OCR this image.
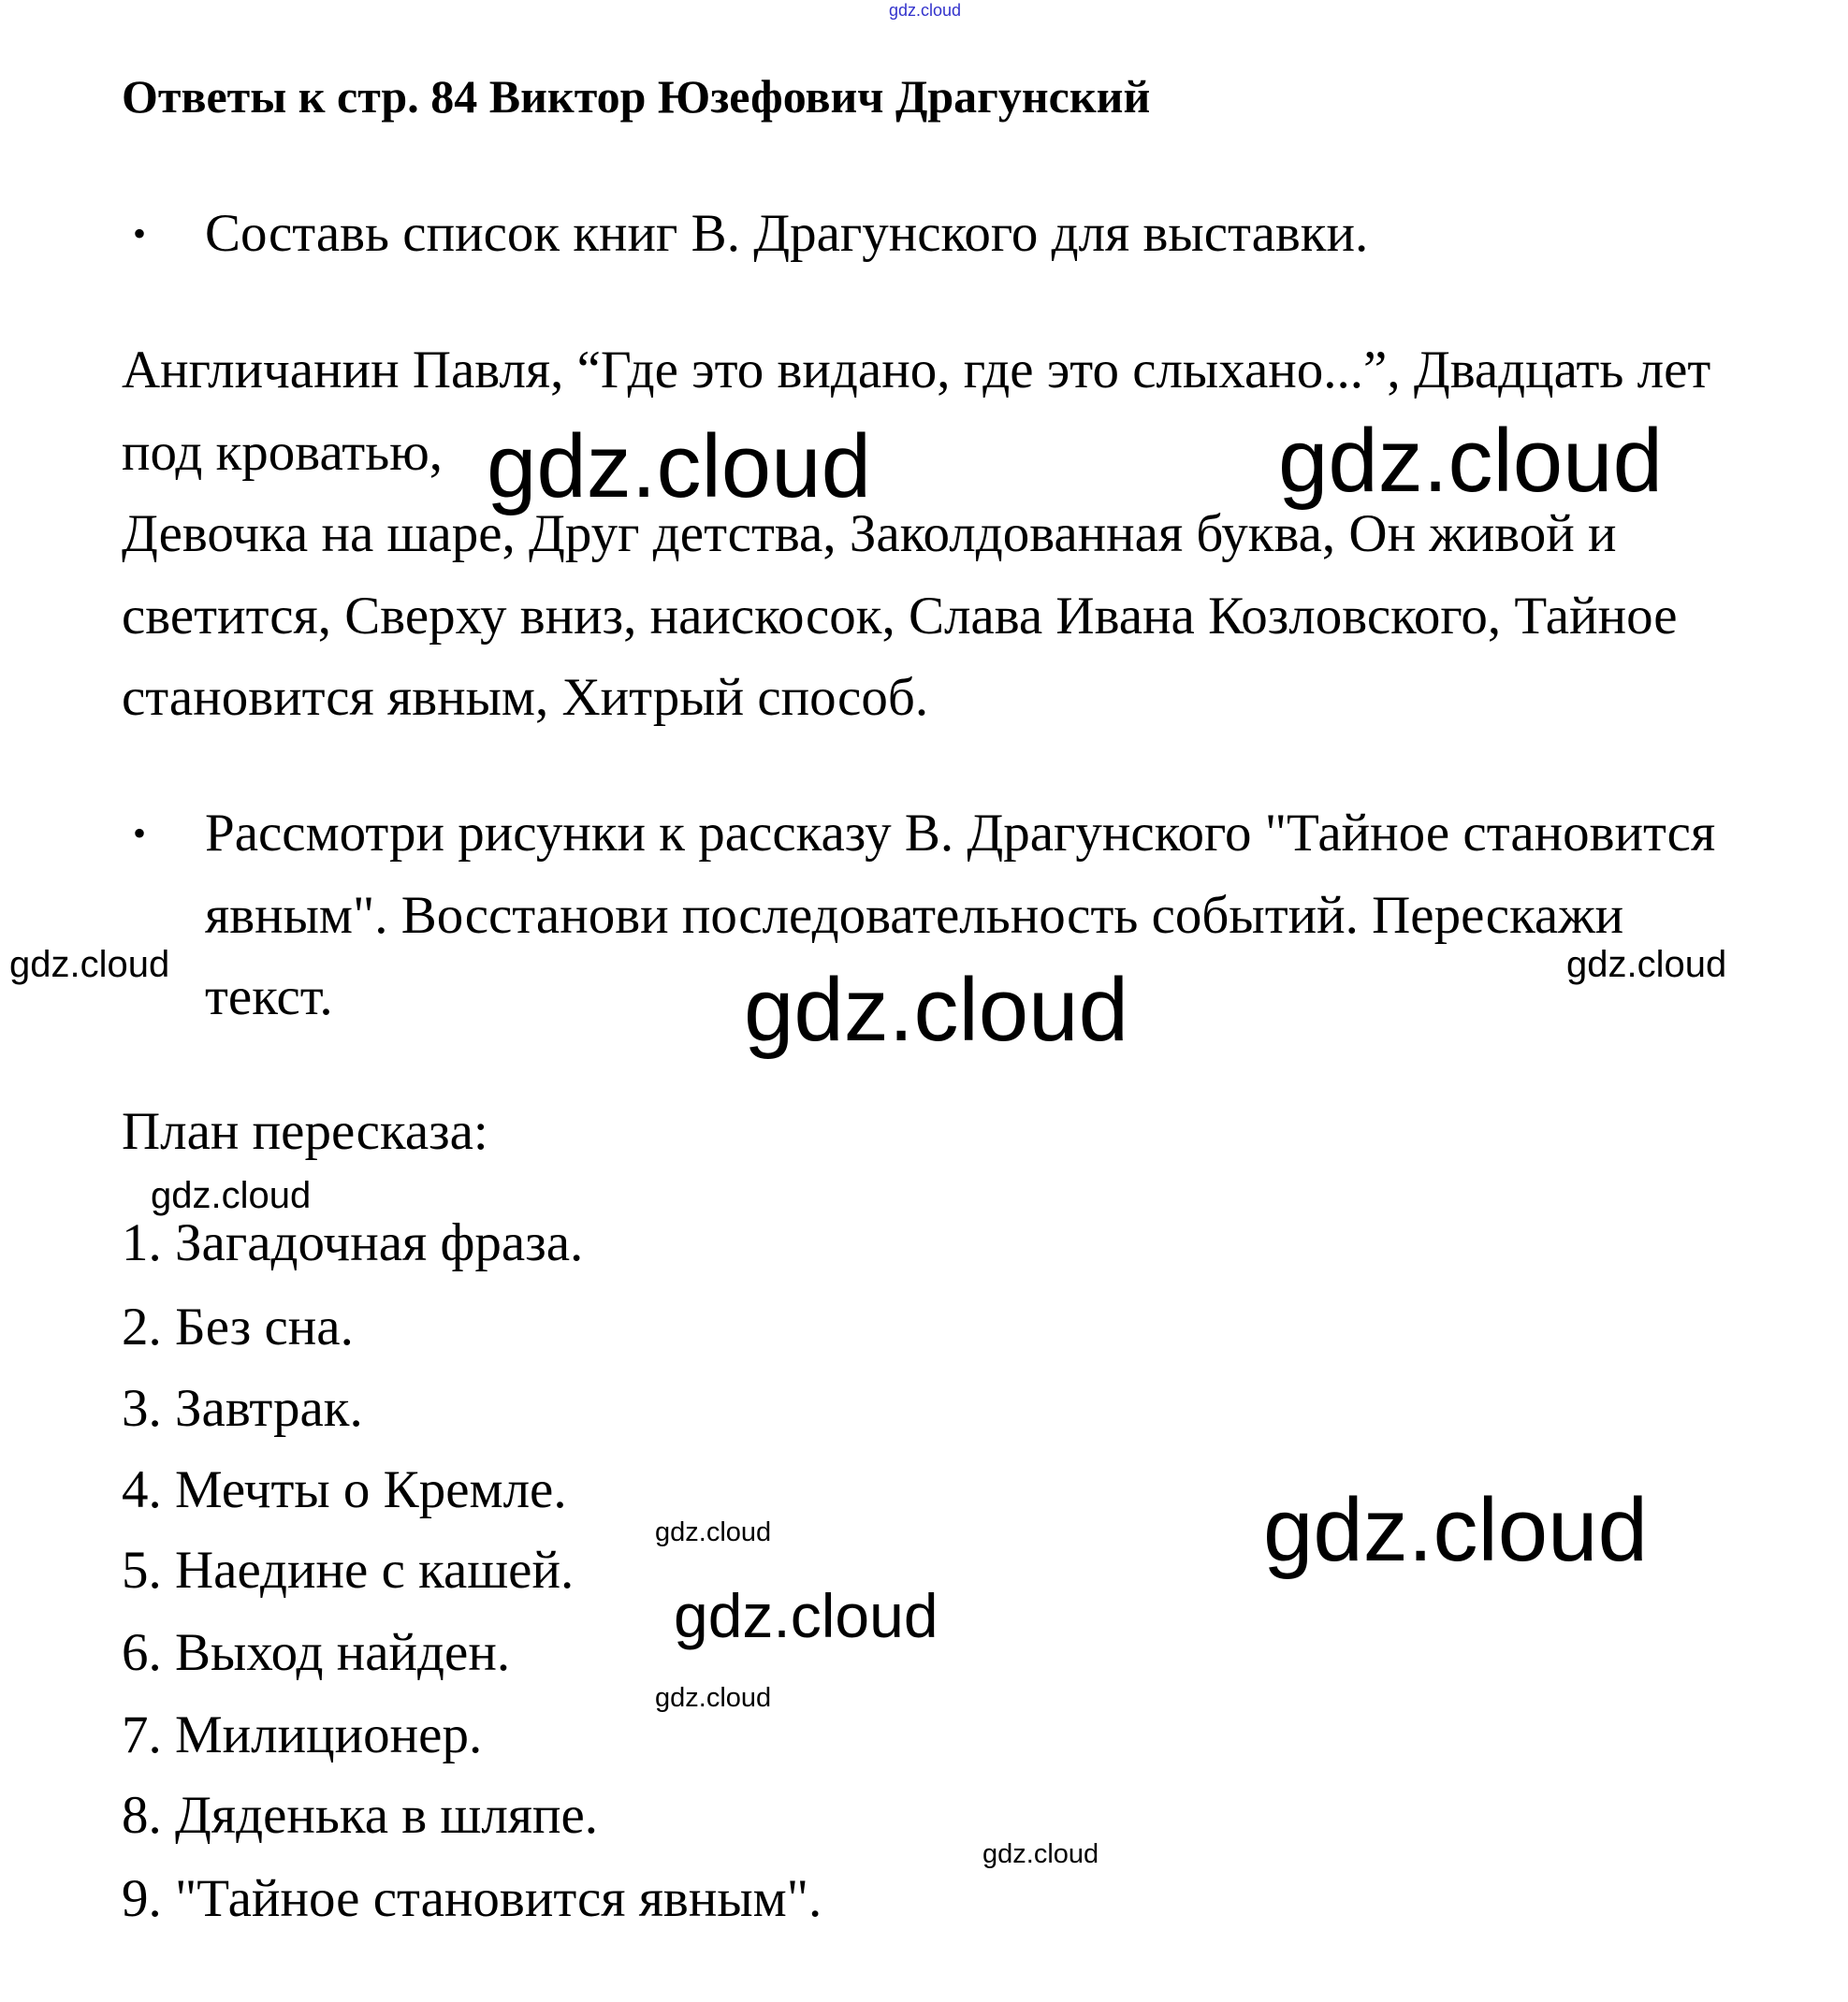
gdz.cloud
Ответы к стр. 84 Виктор Юзефович Драгунский
• Составь список книг В. Драгунского для выставки.
Англичанин Павля, “Где это видано, где это слыхано...”, Двадцать лет
под кроватью,
Девочка на шаре, Друг детства, Заколдованная буква, Он живой и
светится, Сверху вниз, наискосок, Слава Ивана Козловского, Тайное
становится явным, Хитрый способ.
• Рассмотри рисунки к рассказу В. Драгунского "Тайное становится
явным". Восстанови последовательность событий. Перескажи
текст.
План пересказа:
1. Загадочная фраза.
2. Без сна.
3. Завтрак.
4. Мечты о Кремле.
5. Наедине с кашей.
6. Выход найден.
7. Милиционер.
8. Дяденька в шляпе.
9. "Тайное становится явным".
gdz.cloud	gdz.cloud
gdz.cloud
gdz.cloud
gdz.cloud
gdz.cloud	gdz.cloud
gdz.cloud
gdz.cloud
gdz.cloud
gdz.cloud
